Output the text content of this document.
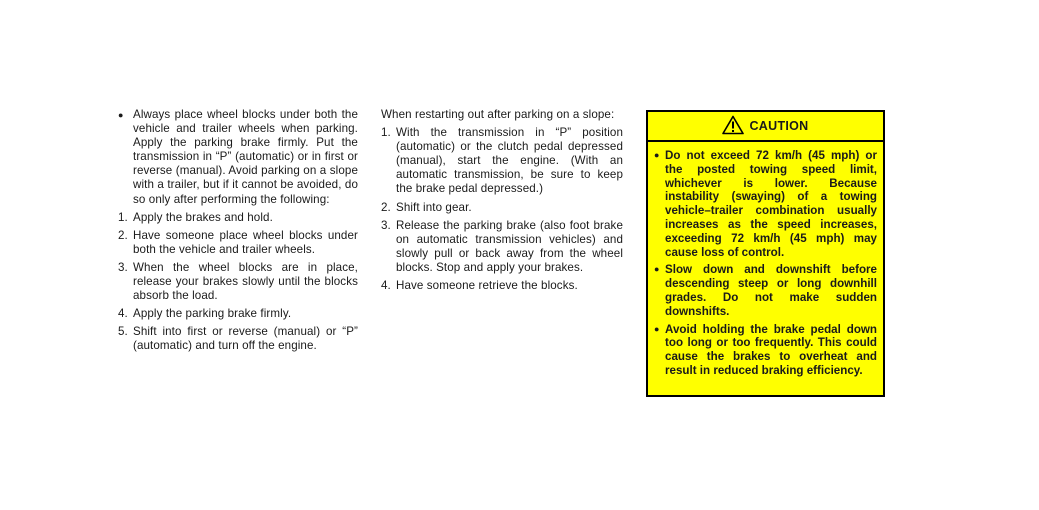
● Always place wheel blocks under both the vehicle and trailer wheels when parking. Apply the parking brake firmly. Put the transmission in “P” (automatic) or in first or reverse (manual). Avoid parking on a slope with a trailer, but if it cannot be avoided, do so only after performing the following:
1. Apply the brakes and hold.
2. Have someone place wheel blocks under both the vehicle and trailer wheels.
3. When the wheel blocks are in place, release your brakes slowly until the blocks absorb the load.
4. Apply the parking brake firmly.
5. Shift into first or reverse (manual) or “P” (automatic) and turn off the engine.

When restarting out after parking on a slope:

1. With the transmission in “P” position (automatic) or the clutch pedal depressed (manual), start the engine. (With an automatic transmission, be sure to keep the brake pedal depressed.)
2. Shift into gear.
3. Release the parking brake (also foot brake on automatic transmission vehicles) and slowly pull or back away from the wheel blocks. Stop and apply your brakes.
4. Have someone retrieve the blocks.
CAUTION
● Do not exceed 72 km/h (45 mph) or the posted towing speed limit, whichever is lower. Because instability (swaying) of a towing vehicle–trailer combination usually increases as the speed increases, exceeding 72 km/h (45 mph) may cause loss of control.
● Slow down and downshift before descending steep or long downhill grades. Do not make sudden downshifts.
● Avoid holding the brake pedal down too long or too frequently. This could cause the brakes to overheat and result in reduced braking efficiency.
